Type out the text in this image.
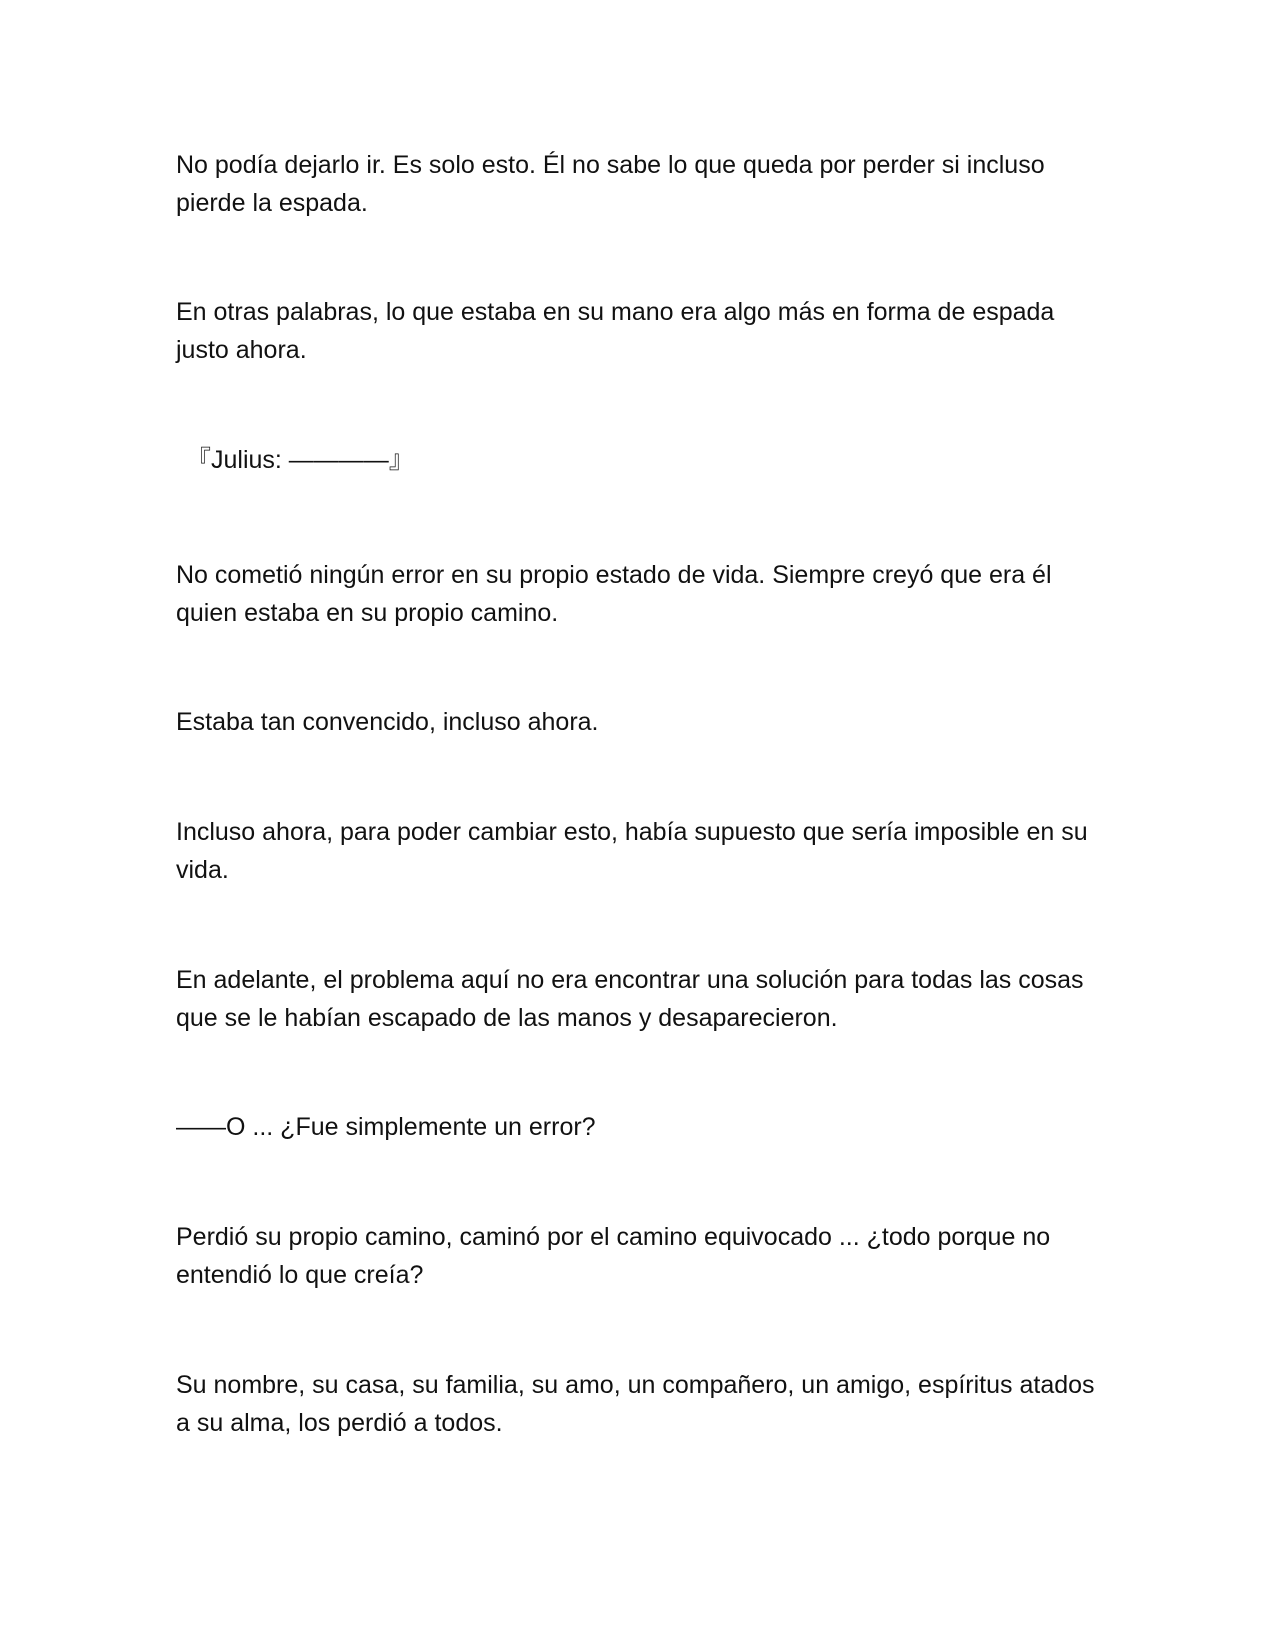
No podía dejarlo ir. Es solo esto. Él no sabe lo que queda por perder si incluso pierde la espada.

En otras palabras, lo que estaba en su mano era algo más en forma de espada justo ahora.

『Julius: ————』

No cometió ningún error en su propio estado de vida. Siempre creyó que era él quien estaba en su propio camino.

Estaba tan convencido, incluso ahora.

Incluso ahora, para poder cambiar esto, había supuesto que sería imposible en su vida.

En adelante, el problema aquí no era encontrar una solución para todas las cosas que se le habían escapado de las manos y desaparecieron.

——O ... ¿Fue simplemente un error?

Perdió su propio camino, caminó por el camino equivocado ... ¿todo porque no entendió lo que creía?

Su nombre, su casa, su familia, su amo, un compañero, un amigo, espíritus atados a su alma, los perdió a todos.
